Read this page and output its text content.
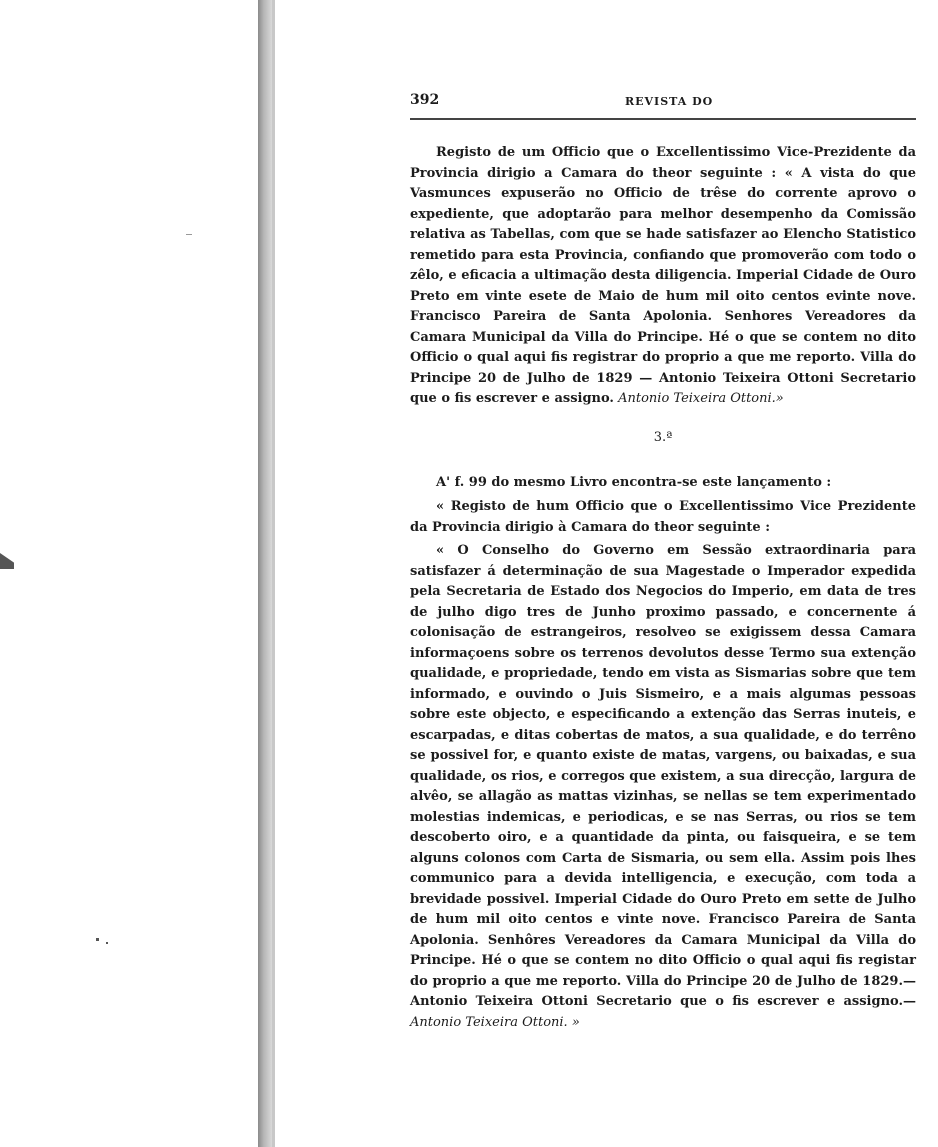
392	REVISTA DO
Registo de um Officio que o Excellentissimo Vice-Prezidente da Provincia dirigio a Camara do theor seguinte : « A vista do que Vasmunces expuserão no Officio de trêse do corrente aprovo o expediente, que adoptarão para melhor desempenho da Comissão relativa as Tabellas, com que se hade satisfazer ao Elencho Statistico remetido para esta Provincia, confiando que promoverão com todo o zêlo, e eficacia a ultimação desta diligencia. Imperial Cidade de Ouro Preto em vinte esete de Maio de hum mil oito centos evinte nove. Francisco Pareira de Santa Apolonia. Senhores Vereadores da Camara Municipal da Villa do Principe. Hé o que se contem no dito Officio o qual aqui fis registrar do proprio a que me reporto. Villa do Principe 20 de Julho de 1829 — Antonio Teixeira Ottoni Secretario que o fis escrever e assigno. Antonio Teixeira Ottoni.»
3.ª
A' f. 99 do mesmo Livro encontra-se este lançamento :
« Registo de hum Officio que o Excellentissimo Vice Prezidente da Provincia dirigio à Camara do theor seguinte :
« O Conselho do Governo em Sessão extraordinaria para satisfazer á determinação de sua Magestade o Imperador expedida pela Secretaria de Estado dos Negocios do Imperio, em data de tres de julho digo tres de Junho proximo passado, e concernente á colonisação de estrangeiros, resolveo se exigissem dessa Camara informaçoens sobre os terrenos devolutos desse Termo sua extenção qualidade, e propriedade, tendo em vista as Sismarias sobre que tem informado, e ouvindo o Juis Sismeiro, e a mais algumas pessoas sobre este objecto, e especificando a extenção das Serras inuteis, e escarpadas, e ditas cobertas de matos, a sua qualidade, e do terrêno se possivel for, e quanto existe de matas, vargens, ou baixadas, e sua qualidade, os rios, e corregos que existem, a sua direcção, largura de alvêo, se allagão as mattas vizinhas, se nellas se tem experimentado molestias indemicas, e periodicas, e se nas Serras, ou rios se tem descoberto oiro, e a quantidade da pinta, ou faisqueira, e se tem alguns colonos com Carta de Sismaria, ou sem ella. Assim pois lhes communico para a devida intelligencia, e execução, com toda a brevidade possivel. Imperial Cidade do Ouro Preto em sette de Julho de hum mil oito centos e vinte nove. Francisco Pareira de Santa Apolonia. Senhôres Vereadores da Camara Municipal da Villa do Principe. Hé o que se contem no dito Officio o qual aqui fis registar do proprio a que me reporto. Villa do Principe 20 de Julho de 1829.— Antonio Teixeira Ottoni Secretario que o fis escrever e assigno.— Antonio Teixeira Ottoni. »
